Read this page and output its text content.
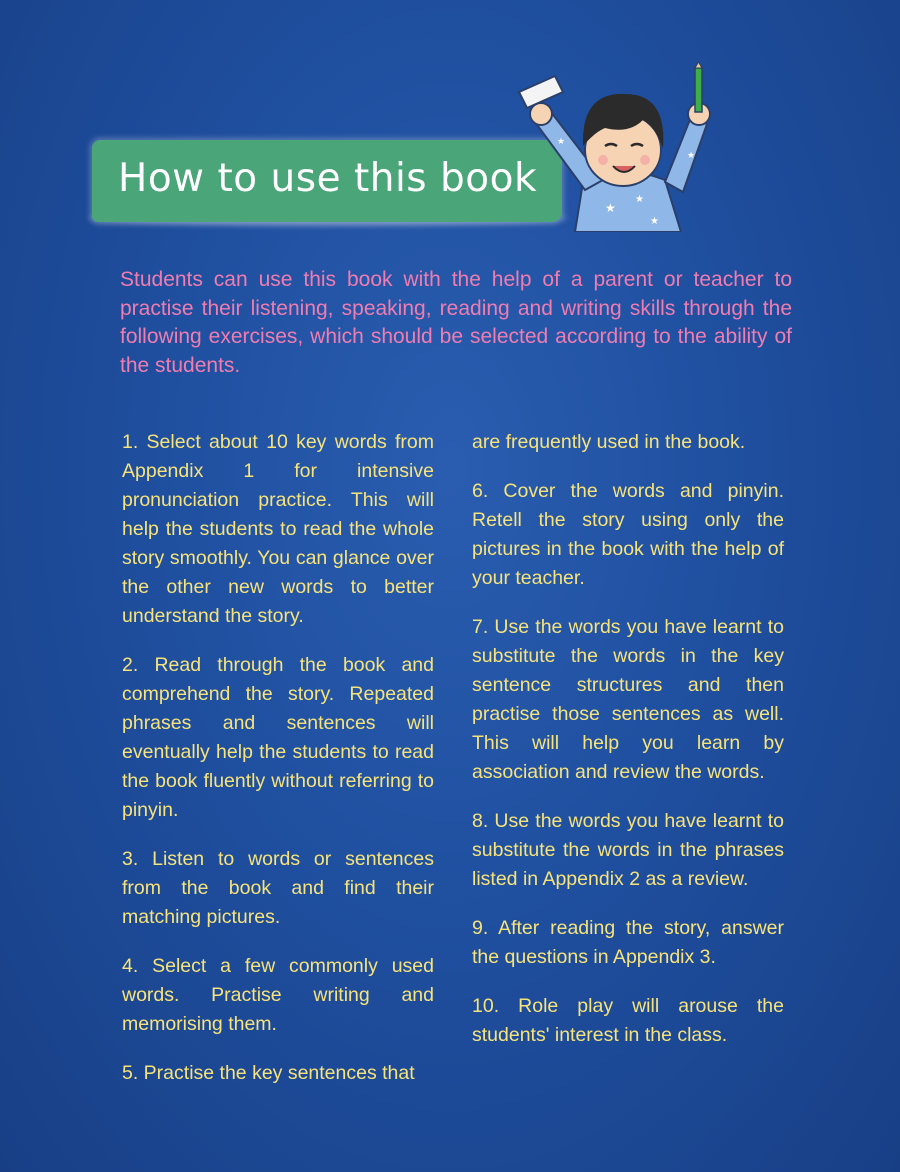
How to use this book
★
★
★
★
★

Students can use this book with the help of a parent or teacher to practise their listening, speaking, reading and writing skills through the following exercises, which should be selected according to the ability of the students.

1. Select about 10 key words from Appendix 1 for intensive pronunciation practice. This will help the students to read the whole story smoothly. You can glance over the other new words to better understand the story.

2. Read through the book and comprehend the story. Repeated phrases and sentences will eventually help the students to read the book fluently without referring to pinyin.

3. Listen to words or sentences from the book and find their matching pictures.

4. Select a few commonly used words. Practise writing and memorising them.

5. Practise the key sentences that

are frequently used in the book.

6. Cover the words and pinyin. Retell the story using only the pictures in the book with the help of your teacher.

7. Use the words you have learnt to substitute the words in the key sentence structures and then practise those sentences as well. This will help you learn by association and review the words.

8. Use the words you have learnt to substitute the words in the phrases listed in Appendix 2 as a review.

9. After reading the story, answer the questions in Appendix 3.

10. Role play will arouse the students' interest in the class.
